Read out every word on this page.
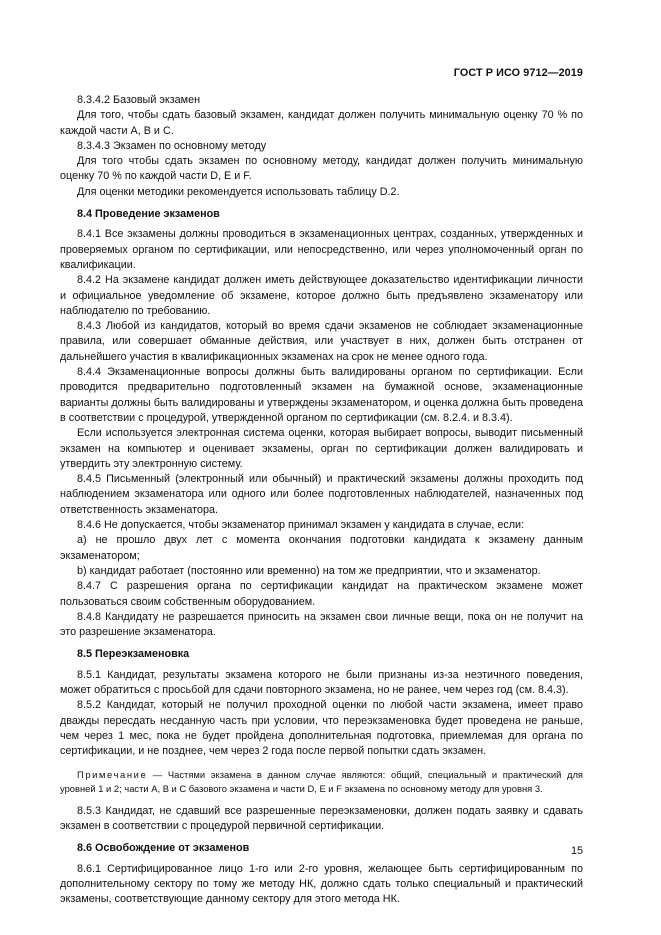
ГОСТ Р ИСО 9712—2019

8.3.4.2 Базовый экзамен

Для того, чтобы сдать базовый экзамен, кандидат должен получить минимальную оценку 70 % по каждой части А, В и С.

8.3.4.3 Экзамен по основному методу

Для того чтобы сдать экзамен по основному методу, кандидат должен получить минимальную оценку 70 % по каждой части D, Е и F.

Для оценки методики рекомендуется использовать таблицу D.2.

8.4 Проведение экзаменов

8.4.1 Все экзамены должны проводиться в экзаменационных центрах, созданных, утвержденных и проверяемых органом по сертификации, или непосредственно, или через уполномоченный орган по квалификации.

8.4.2 На экзамене кандидат должен иметь действующее доказательство идентификации личности и официальное уведомление об экзамене, которое должно быть предъявлено экзаменатору или наблюдателю по требованию.

8.4.3 Любой из кандидатов, который во время сдачи экзаменов не соблюдает экзаменационные правила, или совершает обманные действия, или участвует в них, должен быть отстранен от дальнейшего участия в квалификационных экзаменах на срок не менее одного года.

8.4.4 Экзаменационные вопросы должны быть валидированы органом по сертификации. Если проводится предварительно подготовленный экзамен на бумажной основе, экзаменационные варианты должны быть валидированы и утверждены экзаменатором, и оценка должна быть проведена в соответствии с процедурой, утвержденной органом по сертификации (см. 8.2.4. и 8.3.4).

Если используется электронная система оценки, которая выбирает вопросы, выводит письменный экзамен на компьютер и оценивает экзамены, орган по сертификации должен валидировать и утвердить эту электронную систему.

8.4.5 Письменный (электронный или обычный) и практический экзамены должны проходить под наблюдением экзаменатора или одного или более подготовленных наблюдателей, назначенных под ответственность экзаменатора.

8.4.6 Не допускается, чтобы экзаменатор принимал экзамен у кандидата в случае, если:

а) не прошло двух лет с момента окончания подготовки кандидата к экзамену данным экзаменатором;

b) кандидат работает (постоянно или временно) на том же предприятии, что и экзаменатор.

8.4.7 С разрешения органа по сертификации кандидат на практическом экзамене может пользоваться своим собственным оборудованием.

8.4.8 Кандидату не разрешается приносить на экзамен свои личные вещи, пока он не получит на это разрешение экзаменатора.

8.5 Переэкзаменовка

8.5.1 Кандидат, результаты экзамена которого не были признаны из-за неэтичного поведения, может обратиться с просьбой для сдачи повторного экзамена, но не ранее, чем через год (см. 8.4.3).

8.5.2 Кандидат, который не получил проходной оценки по любой части экзамена, имеет право дважды пересдать несданную часть при условии, что переэкзаменовка будет проведена не раньше, чем через 1 мес, пока не будет пройдена дополнительная подготовка, приемлемая для органа по сертификации, и не позднее, чем через 2 года после первой попытки сдать экзамен.

Примечание — Частями экзамена в данном случае являются: общий, специальный и практический для уровней 1 и 2; части А, В и С базового экзамена и части D, Е и F экзамена по основному методу для уровня 3.

8.5.3 Кандидат, не сдавший все разрешенные переэкзаменовки, должен подать заявку и сдавать экзамен в соответствии с процедурой первичной сертификации.

8.6 Освобождение от экзаменов

8.6.1 Сертифицированное лицо 1-го или 2-го уровня, желающее быть сертифицированным по дополнительному сектору по тому же методу НК, должно сдать только специальный и практический экзамены, соответствующие данному сектору для этого метода НК.

15
